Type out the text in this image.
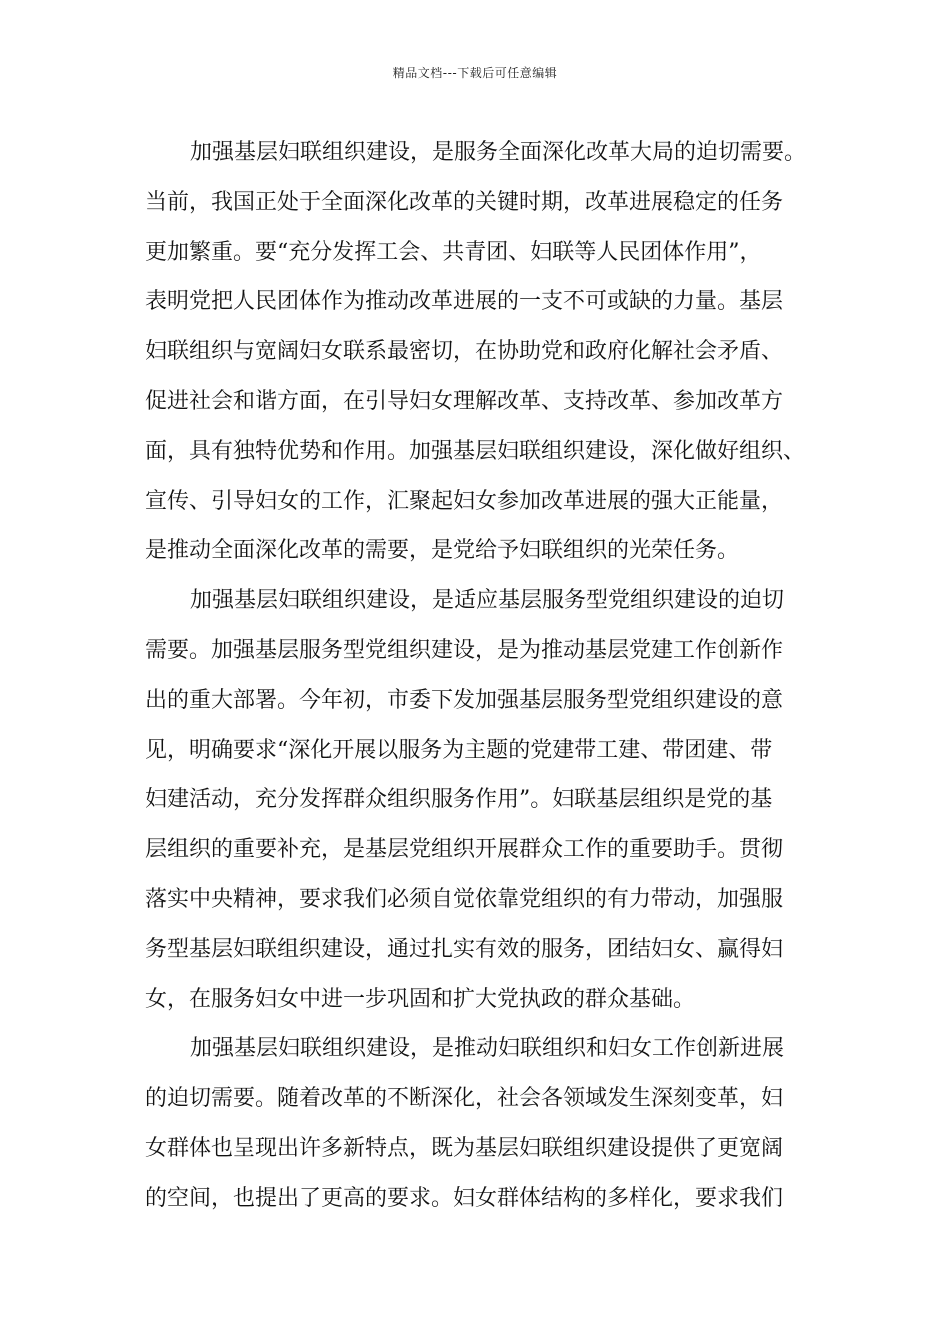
精品文档---下载后可任意编辑
加强基层妇联组织建设，是服务全面深化改革大局的迫切需要。
当前，我国正处于全面深化改革的关键时期，改革进展稳定的任务
更加繁重。要“充分发挥工会、共青团、妇联等人民团体作用”，
表明党把人民团体作为推动改革进展的一支不可或缺的力量。基层
妇联组织与宽阔妇女联系最密切，在协助党和政府化解社会矛盾、
促进社会和谐方面，在引导妇女理解改革、支持改革、参加改革方
面，具有独特优势和作用。加强基层妇联组织建设，深化做好组织、
宣传、引导妇女的工作，汇聚起妇女参加改革进展的强大正能量，
是推动全面深化改革的需要，是党给予妇联组织的光荣任务。
加强基层妇联组织建设，是适应基层服务型党组织建设的迫切
需要。加强基层服务型党组织建设，是为推动基层党建工作创新作
出的重大部署。今年初，市委下发加强基层服务型党组织建设的意
见，明确要求“深化开展以服务为主题的党建带工建、带团建、带
妇建活动，充分发挥群众组织服务作用”。妇联基层组织是党的基
层组织的重要补充，是基层党组织开展群众工作的重要助手。贯彻
落实中央精神，要求我们必须自觉依靠党组织的有力带动，加强服
务型基层妇联组织建设，通过扎实有效的服务，团结妇女、赢得妇
女，在服务妇女中进一步巩固和扩大党执政的群众基础。
加强基层妇联组织建设，是推动妇联组织和妇女工作创新进展
的迫切需要。随着改革的不断深化，社会各领域发生深刻变革，妇
女群体也呈现出许多新特点，既为基层妇联组织建设提供了更宽阔
的空间，也提出了更高的要求。妇女群体结构的多样化，要求我们
